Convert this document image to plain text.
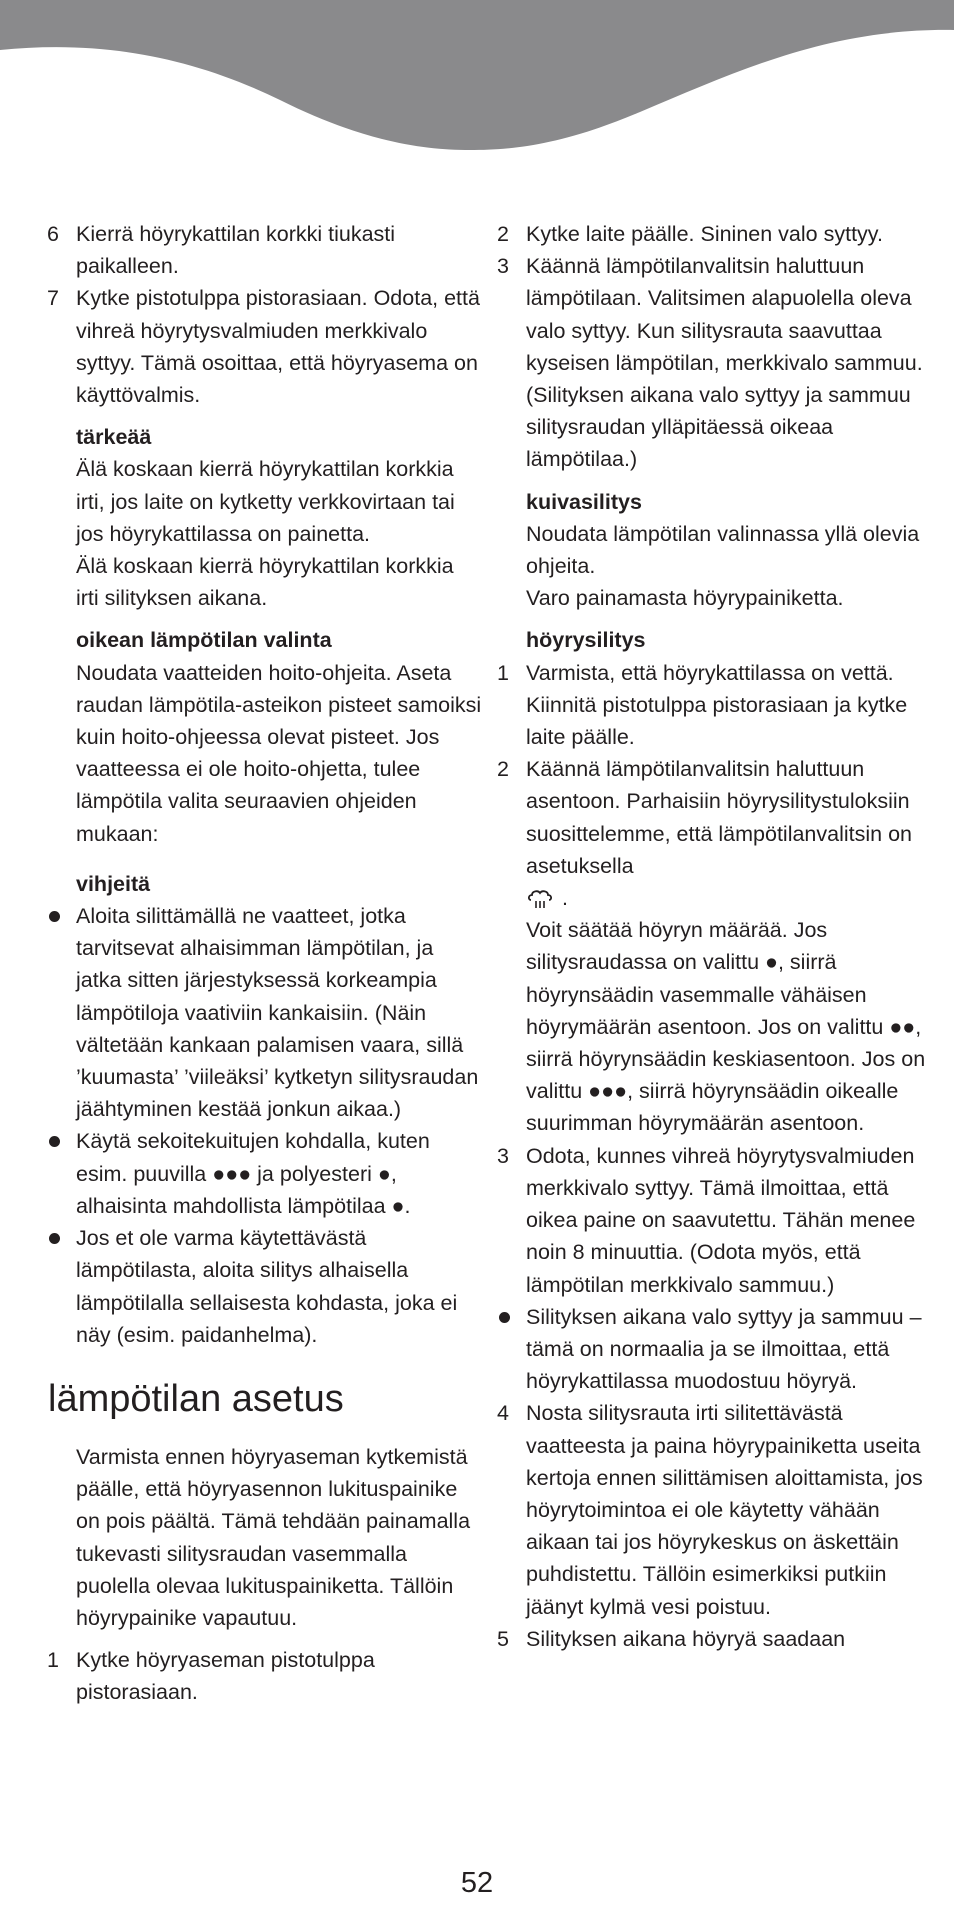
6 Kierrä höyrykattilan korkki tiukasti paikalleen.
7 Kytke pistotulppa pistorasiaan. Odota, että vihreä höyrytysvalmiuden merkkivalo syttyy. Tämä osoittaa, että höyryasema on käyttövalmis.
tärkeää
Älä koskaan kierrä höyrykattilan korkkia irti, jos laite on kytketty verkkovirtaan tai jos höyrykattilassa on painetta.
Älä koskaan kierrä höyrykattilan korkkia irti silityksen aikana.
oikean lämpötilan valinta
Noudata vaatteiden hoito-ohjeita. Aseta raudan lämpötila-asteikon pisteet samoiksi kuin hoito-ohjeessa olevat pisteet. Jos vaatteessa ei ole hoito-ohjetta, tulee lämpötila valita seuraavien ohjeiden mukaan:
vihjeitä
Aloita silittämällä ne vaatteet, jotka tarvitsevat alhaisimman lämpötilan, ja jatka sitten järjestyksessä korkeampia lämpötiloja vaativiin kankaisiin. (Näin vältetään kankaan palamisen vaara, sillä ’kuumasta’ ’viileäksi’ kytketyn silitysraudan jäähtyminen kestää jonkun aikaa.)
Käytä sekoitekuitujen kohdalla, kuten esim. puuvilla ●●● ja polyesteri ●, alhaisinta mahdollista lämpötilaa ●.
Jos et ole varma käytettävästä lämpötilasta, aloita silitys alhaisella lämpötilalla sellaisesta kohdasta, joka ei näy (esim. paidanhelma).
lämpötilan asetus
Varmista ennen höyryaseman kytkemistä päälle, että höyryasennon lukituspainike on pois päältä. Tämä tehdään painamalla tukevasti silitysraudan vasemmalla puolella olevaa lukituspainiketta. Tällöin höyrypainike vapautuu.
1 Kytke höyryaseman pistotulppa pistorasiaan.
2 Kytke laite päälle. Sininen valo syttyy.
3 Käännä lämpötilanvalitsin haluttuun lämpötilaan. Valitsimen alapuolella oleva valo syttyy. Kun silitysrauta saavuttaa kyseisen lämpötilan, merkkivalo sammuu. (Silityksen aikana valo syttyy ja sammuu silitysraudan ylläpitäessä oikeaa lämpötilaa.)
kuivasilitys
Noudata lämpötilan valinnassa yllä olevia ohjeita.
Varo painamasta höyrypainiketta.
höyrysilitys
1 Varmista, että höyrykattilassa on vettä. Kiinnitä pistotulppa pistorasiaan ja kytke laite päälle.
2 Käännä lämpötilanvalitsin haluttuun asentoon. Parhaisiin höyrysilitystuloksiin suosittelemme, että lämpötilanvalitsin on asetuksella
.
Voit säätää höyryn määrää. Jos silitysraudassa on valittu ●, siirrä höyrynsäädin vasemmalle vähäisen höyrymäärän asentoon. Jos on valittu ●●, siirrä höyrynsäädin keskiasentoon. Jos on valittu ●●●, siirrä höyrynsäädin oikealle suurimman höyrymäärän asentoon.
3 Odota, kunnes vihreä höyrytysvalmiuden merkkivalo syttyy. Tämä ilmoittaa, että oikea paine on saavutettu. Tähän menee noin 8 minuuttia. (Odota myös, että lämpötilan merkkivalo sammuu.)
Silityksen aikana valo syttyy ja sammuu – tämä on normaalia ja se ilmoittaa, että höyrykattilassa muodostuu höyryä.
4 Nosta silitysrauta irti silitettävästä vaatteesta ja paina höyrypainiketta useita kertoja ennen silittämisen aloittamista, jos höyrytoimintoa ei ole käytetty vähään aikaan tai jos höyrykeskus on äskettäin puhdistettu. Tällöin esimerkiksi putkiin jäänyt kylmä vesi poistuu.
5 Silityksen aikana höyryä saadaan
52
